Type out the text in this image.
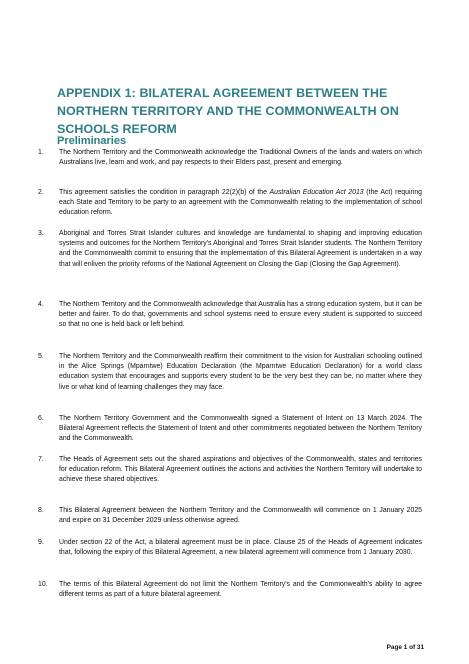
APPENDIX 1: BILATERAL AGREEMENT BETWEEN THE NORTHERN TERRITORY AND THE COMMONWEALTH ON SCHOOLS REFORM
Preliminaries
1.	The Northern Territory and the Commonwealth acknowledge the Traditional Owners of the lands and waters on which Australians live, learn and work, and pay respects to their Elders past, present and emerging.
2.	This agreement satisfies the condition in paragraph 22(2)(b) of the Australian Education Act 2013 (the Act) requiring each State and Territory to be party to an agreement with the Commonwealth relating to the implementation of school education reform.
3.	Aboriginal and Torres Strait Islander cultures and knowledge are fundamental to shaping and improving education systems and outcomes for the Northern Territory's Aboriginal and Torres Strait Islander students. The Northern Territory and the Commonwealth commit to ensuring that the implementation of this Bilateral Agreement is undertaken in a way that will enliven the priority reforms of the National Agreement on Closing the Gap (Closing the Gap Agreement).
4.	The Northern Territory and the Commonwealth acknowledge that Australia has a strong education system, but it can be better and fairer. To do that, governments and school systems need to ensure every student is supported to succeed so that no one is held back or left behind.
5.	The Northern Territory and the Commonwealth reaffirm their commitment to the vision for Australian schooling outlined in the Alice Springs (Mparntwe) Education Declaration (the Mparntwe Education Declaration) for a world class education system that encourages and supports every student to be the very best they can be, no matter where they live or what kind of learning challenges they may face.
6.	The Northern Territory Government and the Commonwealth signed a Statement of Intent on 13 March 2024. The Bilateral Agreement reflects the Statement of Intent and other commitments negotiated between the Northern Territory and the Commonwealth.
7.	The Heads of Agreement sets out the shared aspirations and objectives of the Commonwealth, states and territories for education reform. This Bilateral Agreement outlines the actions and activities the Northern Territory will undertake to achieve these shared objectives.
8.	This Bilateral Agreement between the Northern Territory and the Commonwealth will commence on 1 January 2025 and expire on 31 December 2029 unless otherwise agreed.
9.	Under section 22 of the Act, a bilateral agreement must be in place. Clause 25 of the Heads of Agreement indicates that, following the expiry of this Bilateral Agreement, a new bilateral agreement will commence from 1 January 2030.
10.	The terms of this Bilateral Agreement do not limit the Northern Territory's and the Commonwealth's ability to agree different terms as part of a future bilateral agreement.
Page 1 of 31
